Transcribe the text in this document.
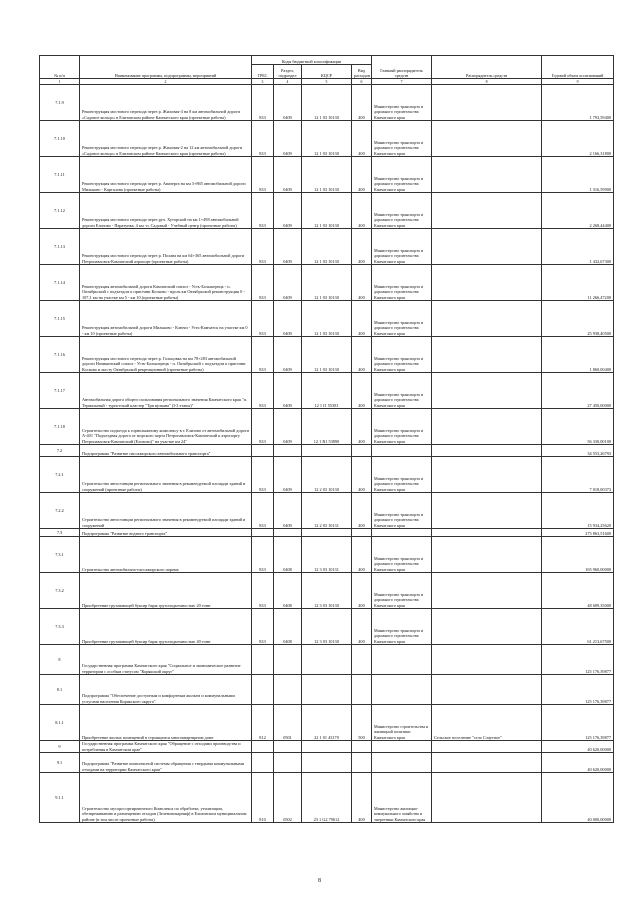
№ п/п	Наименование программы, подпрограммы, мероприятий	Коды бюджетной классификации				Главный распорядитель средств	Распорядитель средств	Годовой объем ассигнований
		ГРБС	Раздел, подраздел	КЦСР	Вид расходов			
1	2	3	4	5	6	7	8	9
7.1.9	Реконструкция мостового перехода через р. Жиловая-4 на 8 км автомобильной дороги «Садовое кольцо» в Елизовском районе Камчатского края (проектные работы)	833	0409	12 1 03 10130	400	Министерство транспорта и дорожного строительства Камчатского края		1 793,59400
7.1.10	Реконструкция мостового перехода через р. Жиловая-2 на 12 км автомобильной дороги «Садовое кольцо» в Елизовском районе Камчатского края (проектные работы)	833	0409	12 1 03 10130	400	Министерство транспорта и дорожного строительства Камчатского края		2 166,31800
7.1.11	Реконструкция мостового перехода через р. Авачерга на км 3+865 автомобильной дороги Мильково - Карталова (проектные работы)	833	0409	12 1 03 10130	400	Министерство транспорта и дорожного строительства Камчатского края		1 316,59900
7.1.12	Реконструкция мостового перехода через руч. Хуторской на км 1+498 автомобильной дороги Елизово - Паратунка, 4 км -п. Садовый - Учебный центр (проектные работы)	833	0409	12 1 03 10130	400	Министерство транспорта и дорожного строительства Камчатского края		2 268,44400
7.1.13	Реконструкция мостового перехода через р. Полава на км 64+365 автомобильной дороги Петропавловск-Камчатский аэропорт (проектные работы)	833	0409	12 1 03 10130	400	Министерство транспорта и дорожного строительства Камчатского края		1 432,67300
7.1.14	Реконструкция автомобильной дороги Камчатский совхоз - Усть-Большерецк - п. Октябрьский с подъездом к пристани Косково - вдоль км Октябрьской реконструкция 0 - 107,1 км на участке км 5 - км 10 (проектные работы)	833	0409	12 1 03 10130	400	Министерство транспорта и дорожного строительства Камчатского края		11 266,47200
7.1.15	Реконструкция автомобильной дороги Мильково - Ключи - Усть-Камчатск на участке км 0 - км 10 (проектные работы)	833	0409	12 1 03 10130	400	Министерство транспорта и дорожного строительства Камчатского края		25 938,40500
7.1.16	Реконструкция мостового перехода через р. Гольцовка на км 78+283 автомобильной дороги Начикинский совхоз - Усть-Большерецк - п. Октябрьский с подъездом к пристани Косково и мосту Октябрьской рекреационной (проектные работы)	833	0409	12 1 03 10130	400	Министерство транспорта и дорожного строительства Камчатского края		1 860,00400
7.1.17	Автомобильная дорога общего пользования регионального значения Камчатского края "п. Термальный - туристский кластер "Три вулкана" (I-3 этапы)"	833	0409	12 1 I1 55381	400	Министерство транспорта и дорожного строительства Камчатского края		27 450,00000
7.1.18	Строительство подъезда к горнолыжному комплексу в г. Елизово от автомобильной дороги А-401 "Подъездная дорога от морского порта Петропавловск-Камчатский к аэропорту Петропавловск-Камчатский (Елизово)" на участке км 24"	833	0409	12 1 R1 53890	400	Министерство транспорта и дорожного строительства Камчатского края		56 330,00100
7.2	Подпрограмма "Развитие пассажирского автомобильного транспорта"							34 553,26793
7.2.1	Строительство автостанции регионального значения в рекомендуемой площади зданий и сооружений (проектные работы)	833	0409	12 2 03 10130	400	Министерство транспорта и дорожного строительства Камчатского края		7 018,00373
7.2.2	Строительство автостанции регионального значения в рекомендуемой площади зданий и сооружений	833	0409	12 2 03 10131	400	Министерство транспорта и дорожного строительства Камчатского края		15 934,25620
7.3	Подпрограмма "Развитие водного транспорта"							275 863,51600
7.3.1	Строительство автомобильно-пассажирского парома	833	0408	12 3 03 10131	400	Министерство транспорта и дорожного строительства Камчатского края		165 960,00000
7.3.2	Приобретение грузовающей буксир барж грузоподъемностью 20 тонн	833	0408	12 3 03 10130	400	Министерство транспорта и дорожного строительства Камчатского края		48 689,35000
7.3.3	Приобретение грузовающей буксир барж грузоподъемностью 40 тонн	833	0408	12 3 03 10130	400	Министерство транспорта и дорожного строительства Камчатского края		61 213,67500
8	Государственная программа Камчатского края "Социальное и экономическое развитие территории с особым статусом "Корякский округ"							125 176,39877
8.1	Подпрограмма "Обеспечение доступным и комфортным жильем и коммунальными услугами населения Корякского округа"							125 176,39877
8.1.1	Приобретение жилых помещений в строящемся многоквартирном доме	812	0501	22 1 01 43170	500	Министерство строительства и жилищной политики Камчатского края	Сельское поселение "село Слаутное"	125 176,39877
9	Государственная программа Камчатского края "Обращение с отходами производства и потребления в Камчатском крае"							40 620,00000
9.1	Подпрограмма "Развитие комплексной системы обращения с твердыми коммунальными отходами на территории Камчатского края"							40 620,00000
9.1.1	Строительство мусоросортировочного Комплекса по обработке, утилизации, обезвреживанию и размещению отходов (Зеленовокарниф) в Елизовском муниципальном районе (в том числе проектные работы)	810	0502	23 1 G2 79612	400	Министерство жилищно-коммунального хозяйства и энергетики Камчатского края		40 000,00000
8
